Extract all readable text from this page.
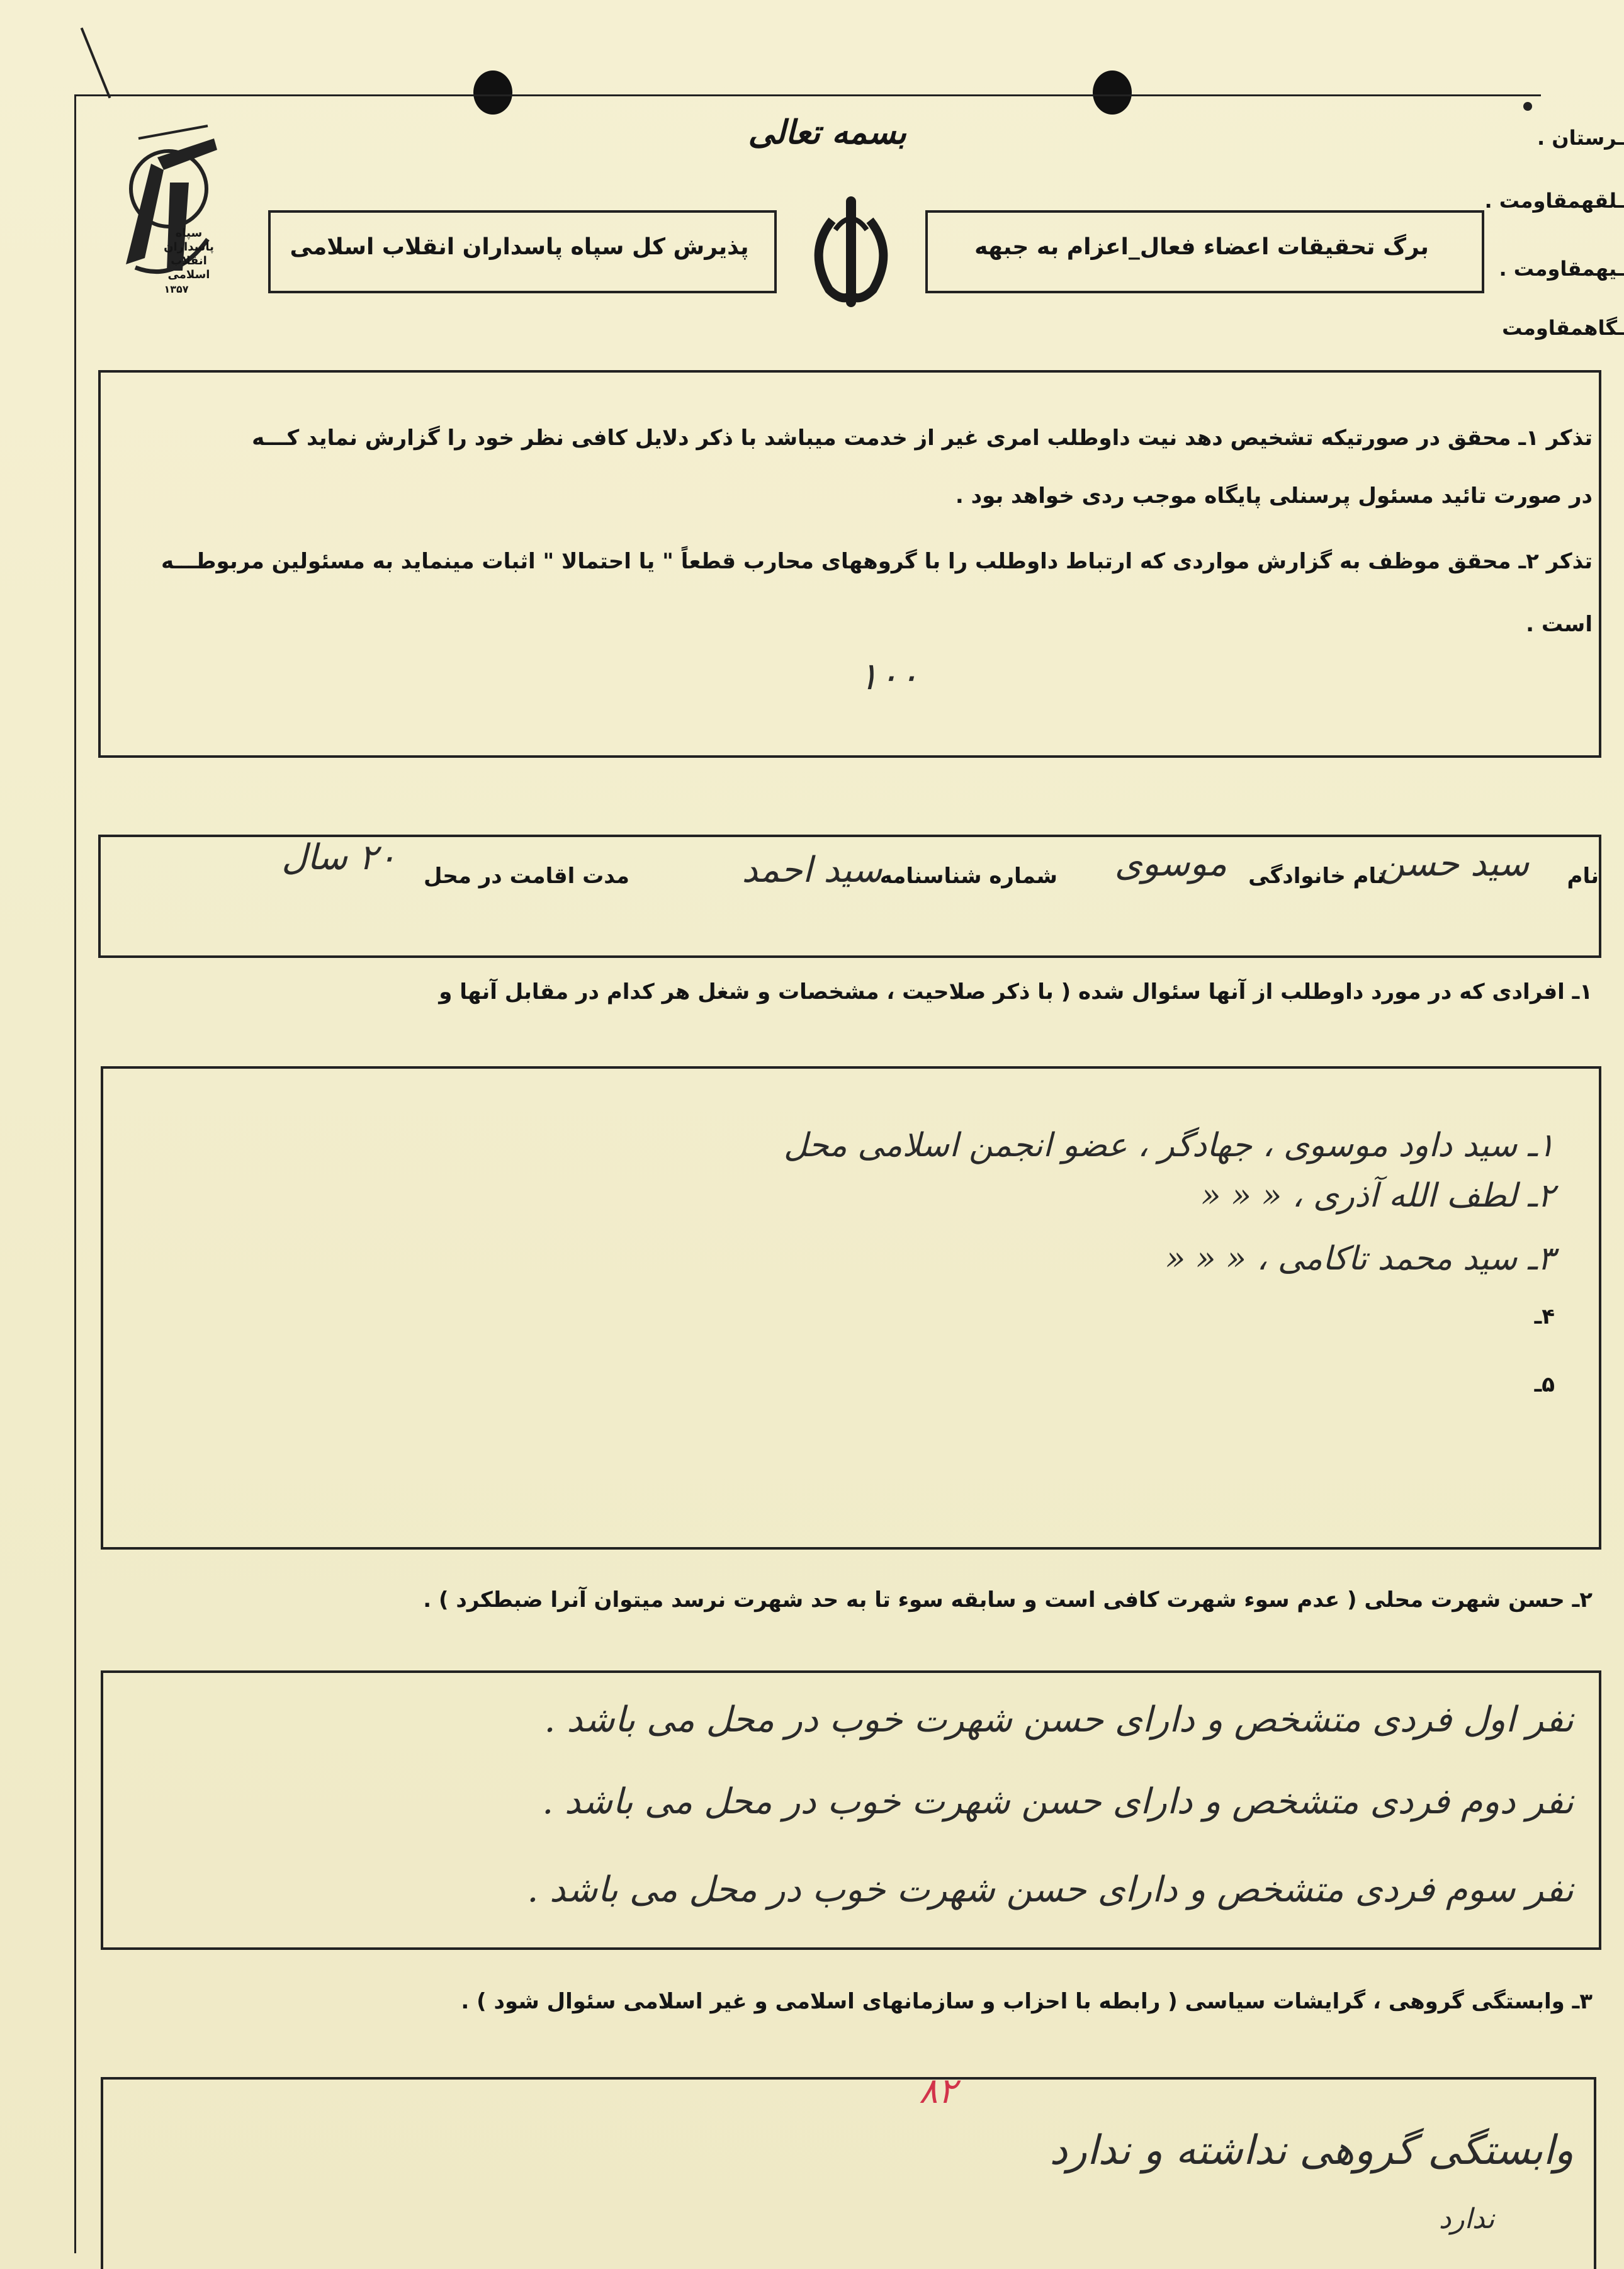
سپاه پاسداران انقلاب اسلامی
۱۳۵۷
پذیرش کل سپاه پاسداران انقلاب اسلامی	برگ تحقیقات اعضاء فعال_اعزام به جبهه
بسمه تعالی	ـرستان .
ـلقهمقاومت .
ـیهمقاومت .
ـگاهمقاومت
تذکر ۱ـ محقق در صورتیکه تشخیص دهد نیت داوطلب امری غیر از خدمت میباشد با ذکر دلایل کافی نظر خود را گزارش نماید کـــه
در صورت تائید مسئول پرسنلی پایگاه موجب ردی خواهد بود .
تذکر ۲ـ محقق موظف به گزارش مواردی که ارتباط داوطلب را با گروههای محارب قطعاً " یا احتمالا " اثبات مینماید به مسئولین مربوطـــه
است .
۱۰۰
نام
سید حسن
نام خانوادگی
موسوی
شماره شناسنامه
سید احمد
مدت اقامت در محل
۲۰ سال
۱ـ افرادی که در مورد داوطلب از آنها سئوال شده ( با ذکر صلاحیت ، مشخصات و شغل هر کدام در مقابل آنها و
۱ـ سید داود موسوی ، جهادگر ، عضو انجمن اسلامی محل
۲ـ لطف الله آذری ، « « «
۳ـ سید محمد تاکامی ، « « «
۴ـ
۵ـ
۲ـ حسن شهرت محلی ( عدم سوء شهرت کافی است و سابقه سوء تا به حد شهرت نرسد میتوان آنرا ضبطکرد ) .
نفر اول فردی متشخص و دارای حسن شهرت خوب در محل می باشد .
نفر دوم فردی متشخص و دارای حسن شهرت خوب در محل می باشد .
نفر سوم فردی متشخص و دارای حسن شهرت خوب در محل می باشد .
۳ـ وابستگی گروهی ، گرایشات سیاسی ( رابطه با احزاب و سازمانهای اسلامی و غیر اسلامی سئوال شود ) .
۸۲
وابستگی گروهی نداشته و ندارد
ندارد
